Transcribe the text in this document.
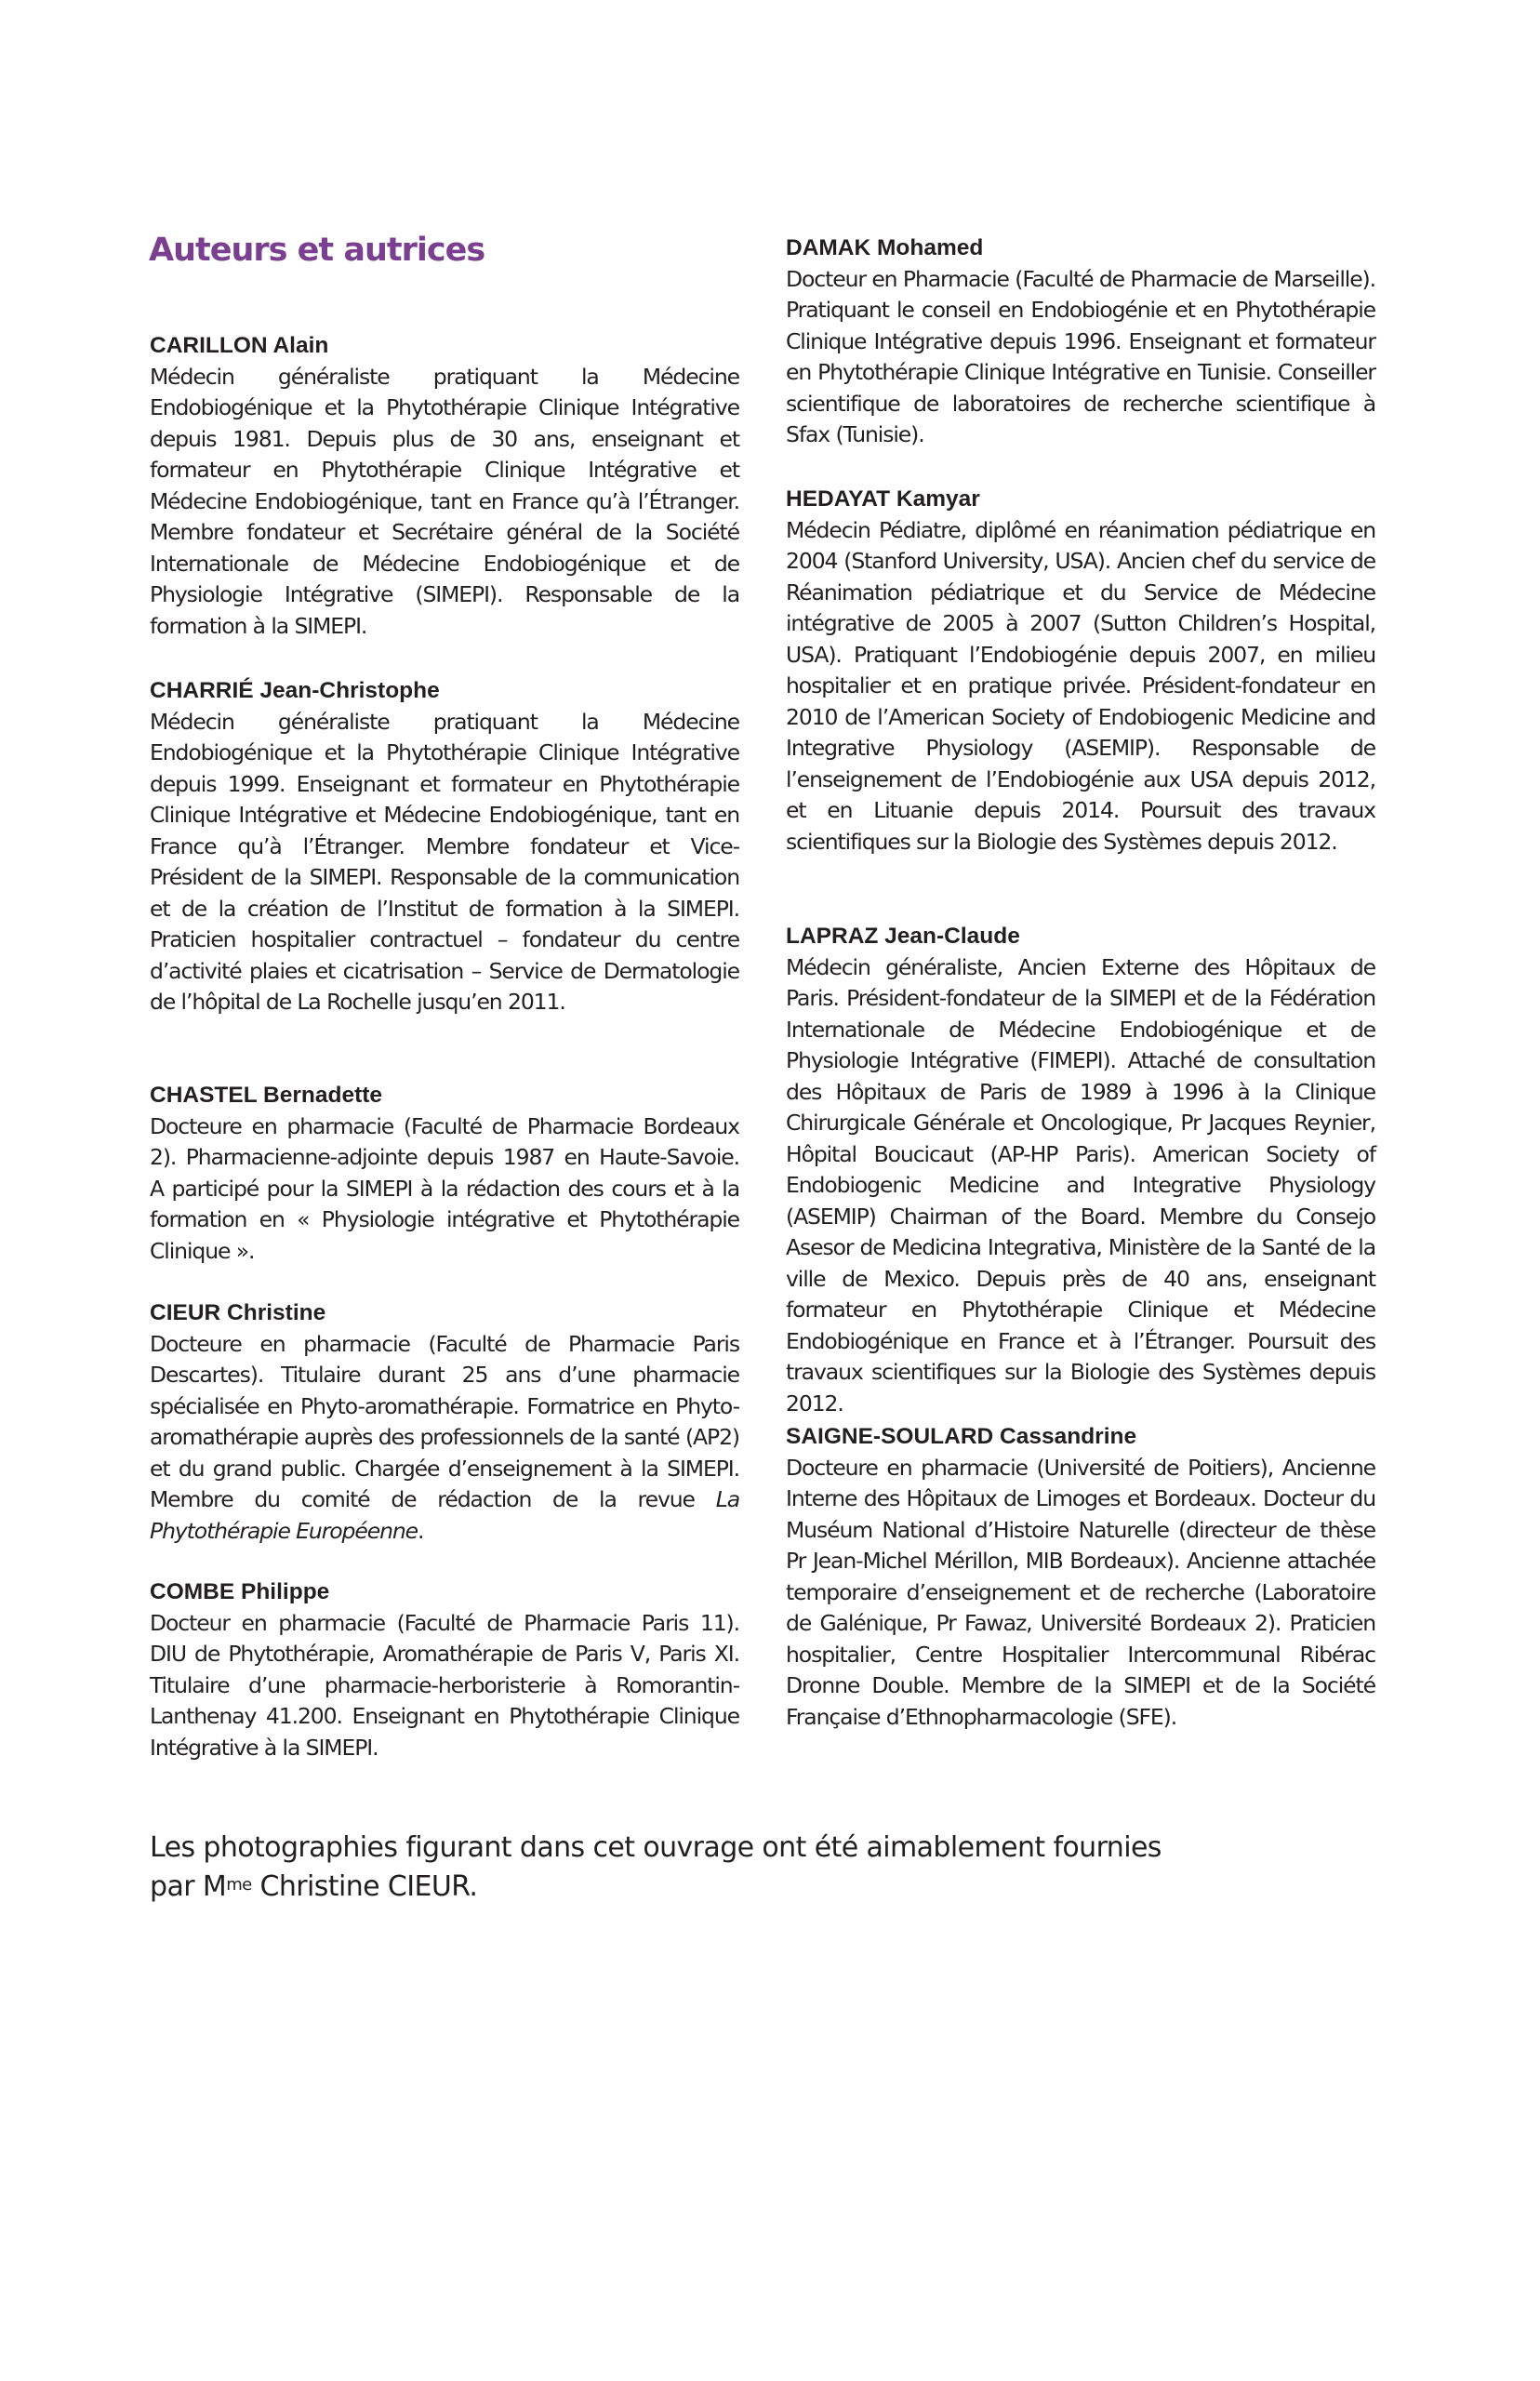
Auteurs et autrices

CARILLON Alain

Médecin généraliste pratiquant la Médecine Endobiogénique et la Phytothérapie Clinique Intégrative depuis 1981. Depuis plus de 30 ans, enseignant et formateur en Phytothérapie Clinique Intégrative et Médecine Endobiogénique, tant en France qu’à l’Étranger. Membre fondateur et Secrétaire général de la Société Internationale de Médecine Endobiogénique et de Physiologie Intégrative (SIMEPI). Responsable de la formation à la SIMEPI.

CHARRIÉ Jean-Christophe

Médecin généraliste pratiquant la Médecine Endobiogénique et la Phytothérapie Clinique Intégrative depuis 1999. Enseignant et formateur en Phytothérapie Clinique Intégrative et Médecine Endobiogénique, tant en France qu’à l’Étranger. Membre fondateur et Vice-Président de la SIMEPI. Responsable de la communication et de la création de l’Institut de formation à la SIMEPI. Praticien hospitalier contractuel – fondateur du centre d’activité plaies et cicatrisation – Service de Dermatologie de l’hôpital de La Rochelle jusqu’en 2011.

CHASTEL Bernadette

Docteure en pharmacie (Faculté de Pharmacie Bordeaux 2). Pharmacienne-adjointe depuis 1987 en Haute-Savoie. A participé pour la SIMEPI à la rédaction des cours et à la formation en « Physiologie intégrative et Phytothérapie Clinique ».

CIEUR Christine

Docteure en pharmacie (Faculté de Pharmacie Paris Descartes). Titulaire durant 25 ans d’une pharmacie spécialisée en Phyto-aromathérapie. Formatrice en Phyto-aromathérapie auprès des professionnels de la santé (AP2) et du grand public. Chargée d’enseignement à la SIMEPI. Membre du comité de rédaction de la revue La Phytothérapie Européenne.

COMBE Philippe

Docteur en pharmacie (Faculté de Pharmacie Paris 11). DIU de Phytothérapie, Aromathérapie de Paris V, Paris XI. Titulaire d’une pharmacie-herboristerie à Romorantin-Lanthenay 41.200. Enseignant en Phytothérapie Clinique Intégrative à la SIMEPI.

DAMAK Mohamed

Docteur en Pharmacie (Faculté de Pharmacie de Marseille). Pratiquant le conseil en Endobiogénie et en Phytothérapie Clinique Intégrative depuis 1996. Enseignant et formateur en Phytothérapie Clinique Intégrative en Tunisie. Conseiller scientifique de laboratoires de recherche scientifique à Sfax (Tunisie).

HEDAYAT Kamyar

Médecin Pédiatre, diplômé en réanimation pédiatrique en 2004 (Stanford University, USA). Ancien chef du service de Réanimation pédiatrique et du Service de Médecine intégrative de 2005 à 2007 (Sutton Children’s Hospital, USA). Pratiquant l’Endobiogénie depuis 2007, en milieu hospitalier et en pratique privée. Président-fondateur en 2010 de l’American Society of Endobiogenic Medicine and Integrative Physiology (ASEMIP). Responsable de l’enseignement de l’Endobiogénie aux USA depuis 2012, et en Lituanie depuis 2014. Poursuit des travaux scientifiques sur la Biologie des Systèmes depuis 2012.

LAPRAZ Jean-Claude

Médecin généraliste, Ancien Externe des Hôpitaux de Paris. Président-fondateur de la SIMEPI et de la Fédération Internationale de Médecine Endobiogénique et de Physiologie Intégrative (FIMEPI). Attaché de consultation des Hôpitaux de Paris de 1989 à 1996 à la Clinique Chirurgicale Générale et Oncologique, Pr Jacques Reynier, Hôpital Boucicaut (AP-HP Paris). American Society of Endobiogenic Medicine and Integrative Physiology (ASEMIP) Chairman of the Board. Membre du Consejo Asesor de Medicina Integrativa, Ministère de la Santé de la ville de Mexico. Depuis près de 40 ans, enseignant formateur en Phytothérapie Clinique et Médecine Endobiogénique en France et à l’Étranger. Poursuit des travaux scientifiques sur la Biologie des Systèmes depuis 2012.

SAIGNE-SOULARD Cassandrine

Docteure en pharmacie (Université de Poitiers), Ancienne Interne des Hôpitaux de Limoges et Bordeaux. Docteur du Muséum National d’Histoire Naturelle (directeur de thèse Pr Jean-Michel Mérillon, MIB Bordeaux). Ancienne attachée temporaire d’enseignement et de recherche (Laboratoire de Galénique, Pr Fawaz, Université Bordeaux 2). Praticien hospitalier, Centre Hospitalier Intercommunal Ribérac Dronne Double. Membre de la SIMEPI et de la Société Française d’Ethnopharmacologie (SFE).

Les photographies figurant dans cet ouvrage ont été aimablement fournies
par $M^{me}$ Christine CIEUR.
